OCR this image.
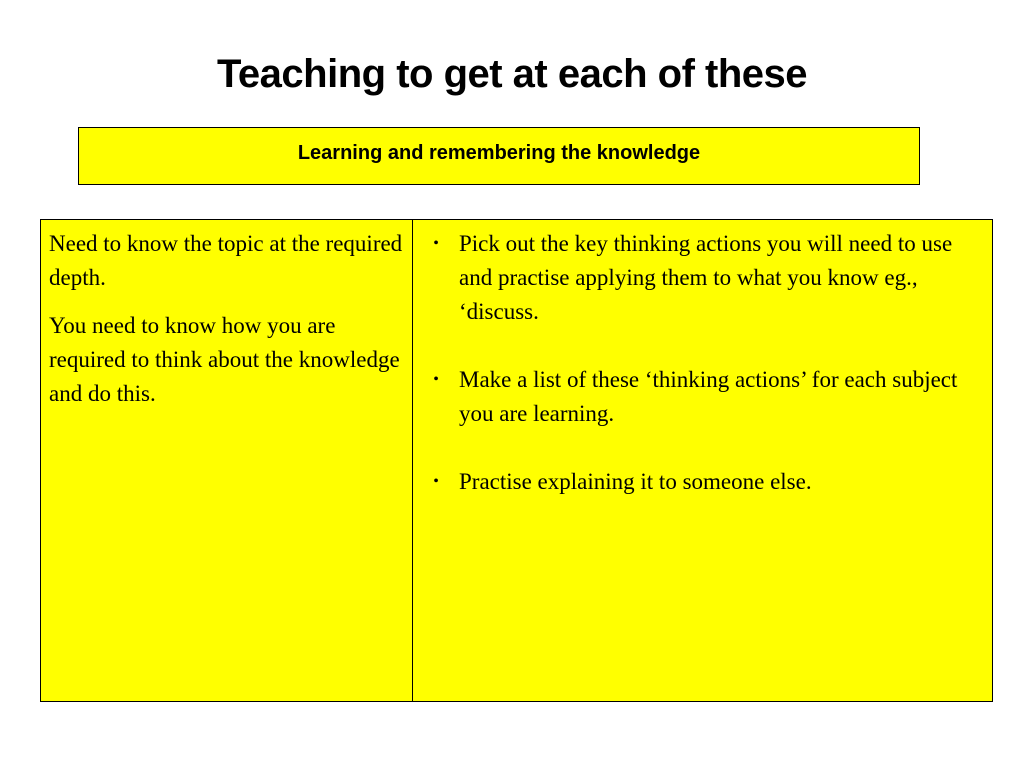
Teaching to get at each of these
Learning and remembering the knowledge

Need to know the topic at the required depth.

You need to know how you are required to think about the knowledge and do this.

• Pick out the key thinking actions you will need to use and practise applying them to what you know eg., ‘discuss.
• Make a list of these ‘thinking actions’ for each subject you are learning.
• Practise explaining it to someone else.
